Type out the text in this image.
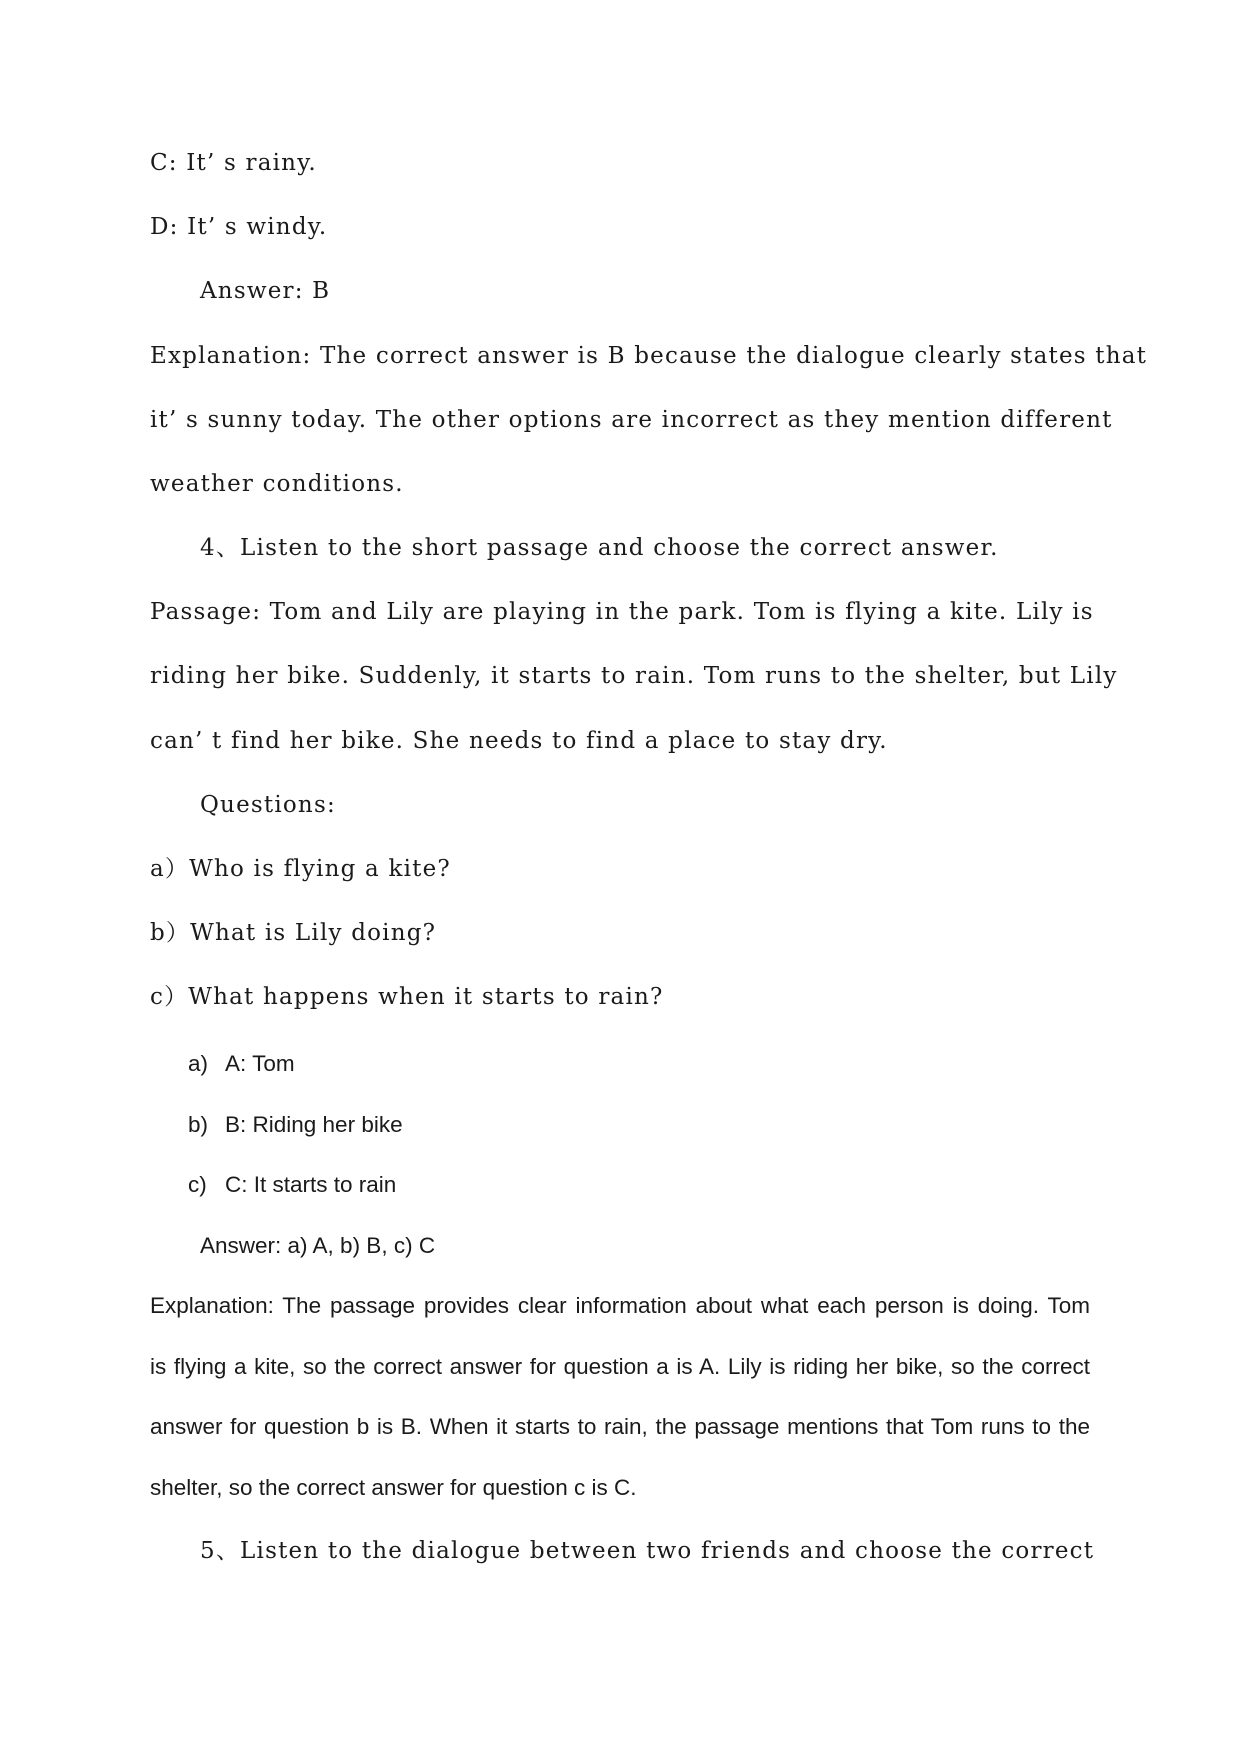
C: It’ s rainy.
D: It’ s windy.
Answer: B
Explanation: The correct answer is B because the dialogue clearly states that
it’ s sunny today. The other options are incorrect as they mention different
weather conditions.
4、Listen to the short passage and choose the correct answer.
Passage: Tom and Lily are playing in the park. Tom is flying a kite. Lily is
riding her bike. Suddenly, it starts to rain. Tom runs to the shelter, but Lily
can’ t find her bike. She needs to find a place to stay dry.
Questions:
a）Who is flying a kite?
b）What is Lily doing?
c）What happens when it starts to rain?
a) A: Tom
b) B: Riding her bike
c) C: It starts to rain
Answer: a) A, b) B, c) C
Explanation: The passage provides clear information about what each person is doing. Tom
is flying a kite, so the correct answer for question a is A. Lily is riding her bike, so the correct
answer for question b is B. When it starts to rain, the passage mentions that Tom runs to the
shelter, so the correct answer for question c is C.
5、Listen to the dialogue between two friends and choose the correct
